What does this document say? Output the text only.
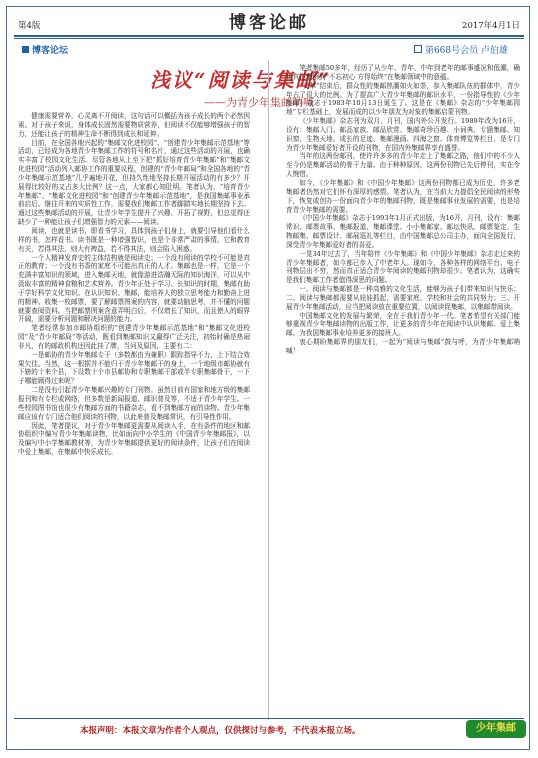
第4版	博客论邮	2017年4月1日
博客论坛	第668号会员 卢伯雄
浅议“阅读与集邮”
——为青少年集邮呐喊

健康需要营养，心灵离不开阅读，这句话可以概括为孩子成长的两个必然因素。对于孩子来说，身体成长固然需要物质营养，但阅读不仅能够增强孩子的智力，还能让孩子的精神生命不断得到成长和延伸。

目前，在全国各地兴起的“集邮文化进校园”、“创建青少年集邮示范基地”等活动，已经成为各地青少年集邮工作的符号和名片，通过这些活动的开展，也确实丰富了校园文化生活。尽管各地从上至下把“抓好培育青少年集邮”和“集邮文化进校园”活动列入邮协工作的重要议程，创建的“青少年邮局”和全国各地的“青少年集邮示范基地”几乎遍地开花，但持久性地坚持长期开展活动的有多少？开展得比较好的又占多大比例？这一点，大家都心知肚明。笔者认为，“培育青少年集邮”、“集邮文化进校园”和“创建青少年集邮示范基地”，是我国集邮事业承前启后、继往开来的实质性工作，需要我们集邮工作者脚踏实地长期坚持下去。通过这些集邮活动的开展，让青少年学生提升了兴趣、开拓了视野，但总觉得还缺少了一种能让孩子们增强智力的元素——阅读。

阅读，也就是读书，即看书学习，具体到孩子们身上，就要引导他们看什么样的书，怎样看书。读书既是一种增强智识，也是个非常严肃的事情。它和教育有关，若得其法，则大有裨益，若不得其法，则会陷入困惑。

一个人精神发育史的主体结构就是阅读史；一个没有阅读的学校不可能是真正的教育；一个没有书香的家庭不可能出真正的人才。集邮也是一样，它是一个充满丰富知识的领域，进入集邮天地，就像游进浩瀚无际的知识海洋，可以从中汲取丰富的精神食粮和艺术营养。青少年正处于学习、长知识的时期，集邮有助于学好科学文化知识。在认识知识、集邮，能培养人的独立思考能力和勤奋上进的精神。收集一枚邮票，要了解邮票图案的内容，就要动脑思考，并不懂的问题就要查阅资料。当把邮票图案含意弄明白后，不仅增长了知识，而且使人的眼界开阔，需要分析问题和解决问题的能力。

笔者经常参加市邮协组织的“创建青少年集邮示范基地”和“集邮文化进校园”及“青少年邮局”等活动，既看到集邮知识又赢得广泛关注，初始时确是热闹非凡，有的邮政机构还因此挂了牌，当问及原因，主要有二：

一是邮协的青少年集邮专干（多数都由为兼职）跟踪指导不力，上下结合效果欠佳。当然，这一根据并不能归于青少年集邮干的身上，一个地级市邮协就有下辖的十来个县，下设数十个市县邮协和专职集邮干部或半专职集邮骨干，一下子哪能顾得过来呢？

二是没有引起青少年集邮兴趣的专门刊物。虽然目前有国家和地方级的集邮报刊和有专栏或网络，但多数是新闻报道、邮识普及等，不适于青少年学生。一些校园图书馆也很少有集邮方面的书籍杂志，看不到集邮方面的读物。青少年集邮应该有专门适合他们阅读的刊物，以此来普及集邮常识，有引导性作用。

因此，笔者提议，对于青少年集邮更需要从阅读入手，在有条件的地区和邮协组织中编写青少年集邮读物，比如面向中小学生的《中国青少年集邮报》，以及编写中小学集邮教材等，为青少年集邮提供更好的阅读条件，让孩子们在阅读中爱上集邮，在集邮中快乐成长。

笔者集邮50多年，经历了从少年、青年、中年到老年的邮事盛况和低潮，确也真正理解到“不忘初心 方得始终”在集邮领域中的意蕴。

“文革”结束后，群众性的集邮热潮如火如荼，参入集邮队伍的群体中，青少年占了很大的比例。为了提高广大青少年集邮的邮识水平，一份指导性的《少年集邮》杂志于1983年10月13日诞生了。这是在《集邮》杂志的“少年集邮园地”专栏基础上，发展而成的以少年朋友为对象的集邮启蒙刊物。

《少年集邮》杂志刊为双月，月刊，国内外公开发行。1989年改为16开，设有：集邮入门、邮品家族、邮品欣赏、集邮奇珍百趣、小词典、专题集邮、知识窗、生物天地、成长的足迹、集邮漫画、四海之窗、体育博览等栏目，是专门为青少年集邮爱好者开设的刊物，在国内外集邮界享有盛誉。

当年的这两份邮刊，使许许多多的青少年走上了集邮之路，他们中的不少人至今仍是集邮活动的骨干力量。由于种种原因，这两份刊物已先后停刊，实在令人惋惜。

如今，《少年集邮》和《中国少年集邮》这两份刊物都已成为历史，许多老集邮者仍然对它们怀有深厚的感情。笔者认为，在当前大力提倡全民阅读的形势下，恢复或创办一份面向青少年的集邮刊物，既是集邮事业发展的需要，也是培育青少年集邮的需要。

《中国少年集邮》杂志于1993年1月正式出版，为16开，月刊，设有：集邮常识、邮票故事、集邮报道、集邮课堂、小小集邮家、邮坛快讯、邮票鉴定、生物邮集、邮票设计、邮展巡礼等栏目，由中国集邮总公司主办，面向全国发行，深受青少年集邮爱好者的喜爱。

一晃34年过去了，当年陪伴《少年集邮》和《中国少年集邮》杂志走过来的青少年集邮者，如今都已步入了中老年人。现如今，各种各样的网络平台、电子刊物层出不穷，然而真正适合青少年阅读的集邮刊物却很少。笔者认为，这确实是我们集邮工作者值得深思的问题。

一、阅读与集邮都是一种高雅的文化生活，能够为孩子们带来知识与快乐；二、阅读与集邮都需要从娃娃抓起，需要家庭、学校和社会的共同努力；三、开展青少年集邮活动，应当把阅读放在重要位置，以阅读促集邮，以集邮带阅读。

中国集邮文化的发展与繁荣，全在于我们青少年一代。笔者希望有关部门能够重视青少年集邮读物的出版工作，让更多的青少年在阅读中认识集邮、爱上集邮，为我国集邮事业培养更多的接班人。

衷心期盼集邮界的朋友们，一起为“阅读与集邮”鼓与呼，为青少年集邮呐喊！

本报声明：本报文章为作者个人观点，仅供探讨与参考，不代表本报立场。	少年集邮
